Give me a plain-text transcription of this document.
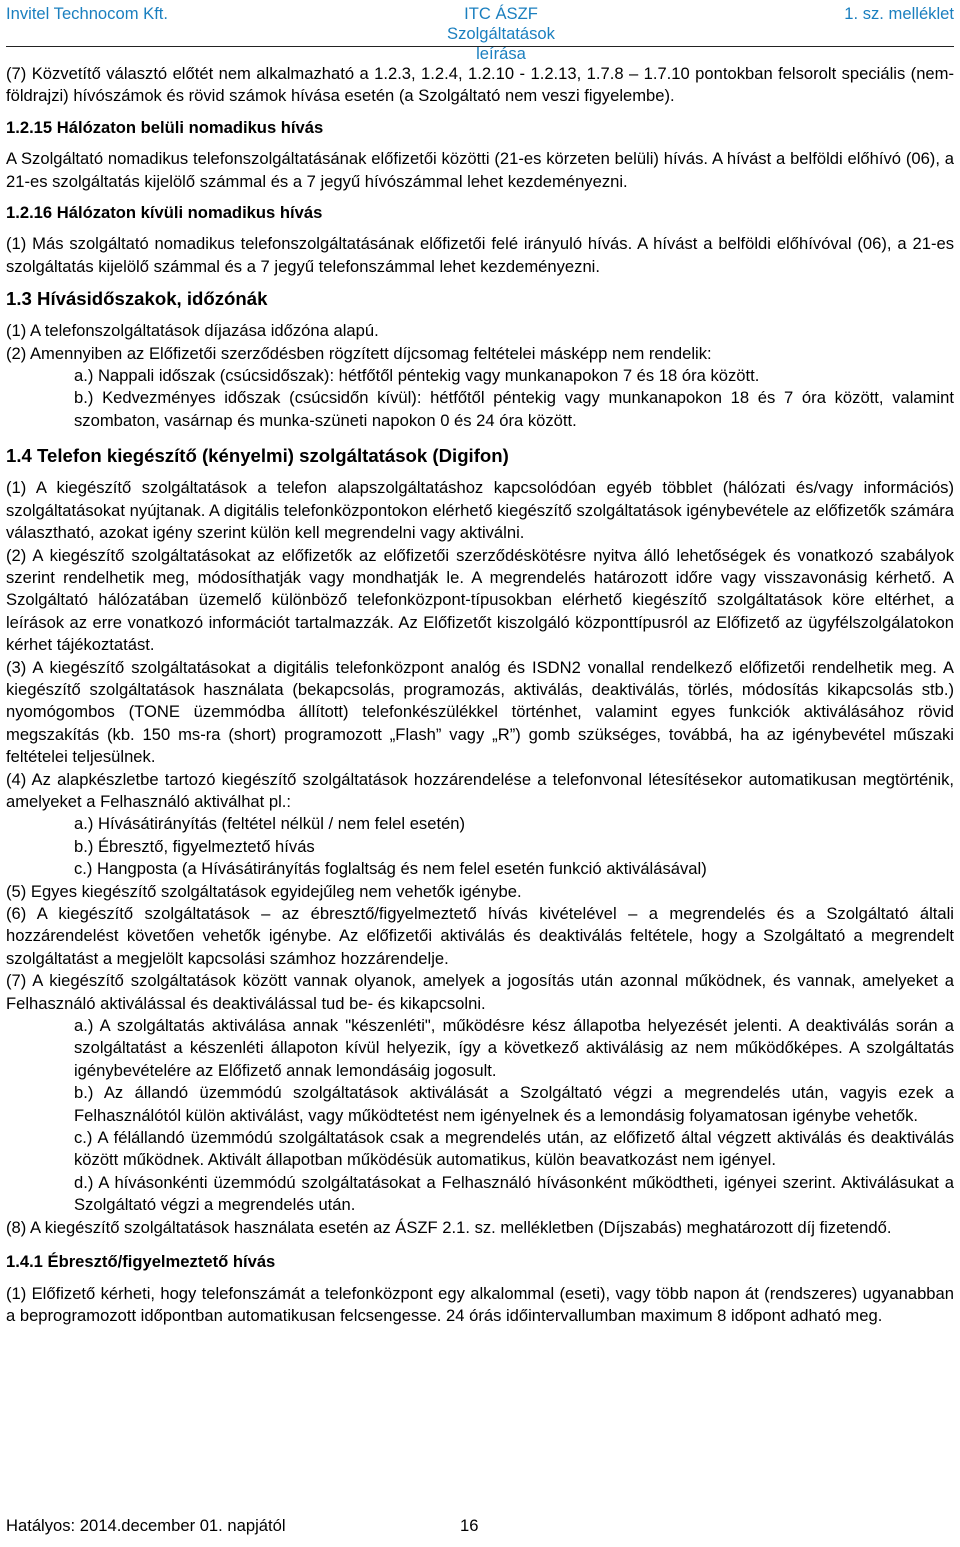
Invitel Technocom Kft.	ITC ÁSZF
Szolgáltatások leírása
1. sz. melléklet

(7) Közvetítő választó előtét nem alkalmazható a 1.2.3, 1.2.4, 1.2.10 - 1.2.13, 1.7.8 – 1.7.10 pontokban felsorolt speciális (nem-földrajzi) hívószámok és rövid számok hívása esetén (a Szolgáltató nem veszi figyelembe).

1.2.15 Hálózaton belüli nomadikus hívás

A Szolgáltató nomadikus telefonszolgáltatásának előfizetői közötti (21-es körzeten belüli) hívás. A hívást a belföldi előhívó (06), a 21-es szolgáltatás kijelölő számmal és a 7 jegyű hívószámmal lehet kezdeményezni.

1.2.16 Hálózaton kívüli nomadikus hívás

(1) Más szolgáltató nomadikus telefonszolgáltatásának előfizetői felé irányuló hívás. A hívást a belföldi előhívóval (06), a 21-es szolgáltatás kijelölő számmal és a 7 jegyű telefonszámmal lehet kezdeményezni.

1.3 Hívásidőszakok, időzónák

(1) A telefonszolgáltatások díjazása időzóna alapú.

(2) Amennyiben az Előfizetői szerződésben rögzített díjcsomag feltételei másképp nem rendelik:

a.) Nappali időszak (csúcsidőszak): hétfőtől péntekig vagy munkanapokon 7 és 18 óra között.

b.) Kedvezményes időszak (csúcsidőn kívül): hétfőtől péntekig vagy munkanapokon 18 és 7 óra között, valamint szombaton, vasárnap és munka-szüneti napokon 0 és 24 óra között.

1.4 Telefon kiegészítő (kényelmi) szolgáltatások (Digifon)

(1) A kiegészítő szolgáltatások a telefon alapszolgáltatáshoz kapcsolódóan egyéb többlet (hálózati és/vagy információs) szolgáltatásokat nyújtanak. A digitális telefonközpontokon elérhető kiegészítő szolgáltatások igénybevétele az előfizetők számára választható, azokat igény szerint külön kell megrendelni vagy aktiválni.

(2) A kiegészítő szolgáltatásokat az előfizetők az előfizetői szerződéskötésre nyitva álló lehetőségek és vonatkozó szabályok szerint rendelhetik meg, módosíthatják vagy mondhatják le. A megrendelés határozott időre vagy visszavonásig kérhető. A Szolgáltató hálózatában üzemelő különböző telefonközpont-típusokban elérhető kiegészítő szolgáltatások köre eltérhet, a leírások az erre vonatkozó információt tartalmazzák. Az Előfizetőt kiszolgáló központtípusról az Előfizető az ügyfélszolgálatokon kérhet tájékoztatást.

(3) A kiegészítő szolgáltatásokat a digitális telefonközpont analóg és ISDN2 vonallal rendelkező előfizetői rendelhetik meg. A kiegészítő szolgáltatások használata (bekapcsolás, programozás, aktiválás, deaktiválás, törlés, módosítás kikapcsolás stb.) nyomógombos (TONE üzemmódba állított) telefonkészülékkel történhet, valamint egyes funkciók aktiválásához rövid megszakítás (kb. 150 ms-ra (short) programozott „Flash” vagy „R”) gomb szükséges, továbbá, ha az igénybevétel műszaki feltételei teljesülnek.

(4) Az alapkészletbe tartozó kiegészítő szolgáltatások hozzárendelése a telefonvonal létesítésekor automatikusan megtörténik, amelyeket a Felhasználó aktiválhat pl.:

a.) Hívásátirányítás (feltétel nélkül / nem felel esetén)

b.) Ébresztő, figyelmeztető hívás

c.) Hangposta (a Hívásátirányítás foglaltság és nem felel esetén funkció aktiválásával)

(5) Egyes kiegészítő szolgáltatások egyidejűleg nem vehetők igénybe.

(6) A kiegészítő szolgáltatások – az ébresztő/figyelmeztető hívás kivételével – a megrendelés és a Szolgáltató általi hozzárendelést követően vehetők igénybe. Az előfizetői aktiválás és deaktiválás feltétele, hogy a Szolgáltató a megrendelt szolgáltatást a megjelölt kapcsolási számhoz hozzárendelje.

(7) A kiegészítő szolgáltatások között vannak olyanok, amelyek a jogosítás után azonnal működnek, és vannak, amelyeket a Felhasználó aktiválással és deaktiválással tud be- és kikapcsolni.

a.) A szolgáltatás aktiválása annak "készenléti", működésre kész állapotba helyezését jelenti. A deaktiválás során a szolgáltatást a készenléti állapoton kívül helyezik, így a következő aktiválásig az nem működőképes. A szolgáltatás igénybevételére az Előfizető annak lemondásáig jogosult.

b.) Az állandó üzemmódú szolgáltatások aktiválását a Szolgáltató végzi a megrendelés után, vagyis ezek a Felhasználótól külön aktiválást, vagy működtetést nem igényelnek és a lemondásig folyamatosan igénybe vehetők.

c.) A félállandó üzemmódú szolgáltatások csak a megrendelés után, az előfizető által végzett aktiválás és deaktiválás között működnek. Aktivált állapotban működésük automatikus, külön beavatkozást nem igényel.

d.) A hívásonkénti üzemmódú szolgáltatásokat a Felhasználó hívásonként működtheti, igényei szerint. Aktiválásukat a Szolgáltató végzi a megrendelés után.

(8) A kiegészítő szolgáltatások használata esetén az ÁSZF 2.1. sz. mellékletben (Díjszabás) meghatározott díj fizetendő.

1.4.1 Ébresztő/figyelmeztető hívás

(1) Előfizető kérheti, hogy telefonszámát a telefonközpont egy alkalommal (eseti), vagy több napon át (rendszeres) ugyanabban a beprogramozott időpontban automatikusan felcsengesse. 24 órás időintervallumban maximum 8 időpont adható meg.

Hatályos: 2014.december 01. napjától	16
